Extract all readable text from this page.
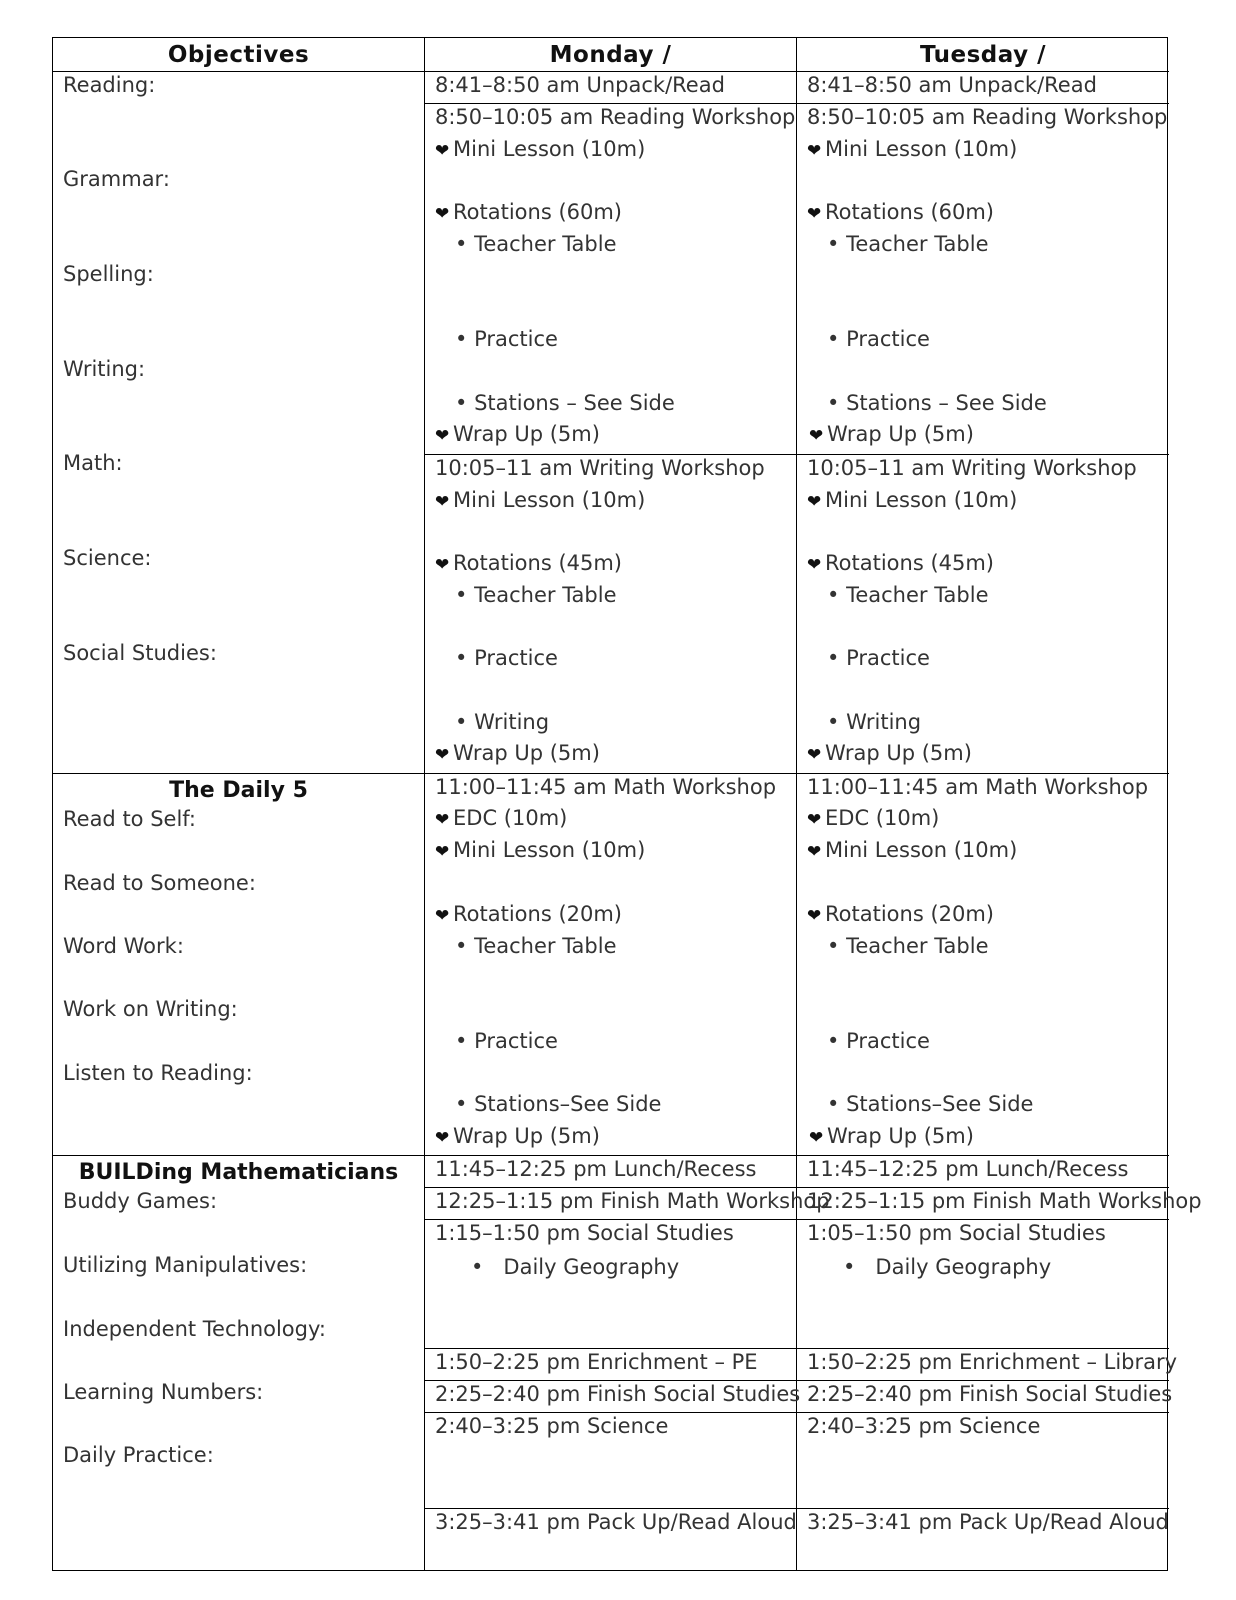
Objectives	Monday /	Tuesday /
Reading:
Grammar:
Spelling:
Writing:
Math:
Science:
Social Studies:
The Daily 5
Read to Self:
Read to Someone:
Word Work:
Work on Writing:
Listen to Reading:
BUILDing Mathematicians
Buddy Games:
Utilizing Manipulatives:
Independent Technology:
Learning Numbers:
Daily Practice:
8:41–8:50 am Unpack/Read
8:50–10:05 am Reading Workshop
❤ Mini Lesson (10m)
❤ Rotations (60m)
• Teacher Table
• Practice
• Stations – See Side
❤ Wrap Up (5m)
10:05–11 am Writing Workshop
❤ Mini Lesson (10m)
❤ Rotations (45m)
• Teacher Table
• Practice
• Writing
❤ Wrap Up (5m)
11:00–11:45 am Math Workshop
❤ EDC (10m)
❤ Mini Lesson (10m)
❤ Rotations (20m)
• Teacher Table
• Practice
• Stations–See Side
❤ Wrap Up (5m)
11:45–12:25 pm Lunch/Recess
12:25–1:15 pm Finish Math Workshop
1:15–1:50 pm Social Studies
• Daily Geography
1:50–2:25 pm Enrichment – PE
2:25–2:40 pm Finish Social Studies
2:40–3:25 pm Science
3:25–3:41 pm Pack Up/Read Aloud
8:41–8:50 am Unpack/Read
8:50–10:05 am Reading Workshop
❤ Mini Lesson (10m)
❤ Rotations (60m)
• Teacher Table
• Practice
• Stations – See Side
❤ Wrap Up (5m)
10:05–11 am Writing Workshop
❤ Mini Lesson (10m)
❤ Rotations (45m)
• Teacher Table
• Practice
• Writing
❤ Wrap Up (5m)
11:00–11:45 am Math Workshop
❤ EDC (10m)
❤ Mini Lesson (10m)
❤ Rotations (20m)
• Teacher Table
• Practice
• Stations–See Side
❤ Wrap Up (5m)
11:45–12:25 pm Lunch/Recess
12:25–1:15 pm Finish Math Workshop
1:05–1:50 pm Social Studies
• Daily Geography
1:50–2:25 pm Enrichment – Library
2:25–2:40 pm Finish Social Studies
2:40–3:25 pm Science
3:25–3:41 pm Pack Up/Read Aloud
